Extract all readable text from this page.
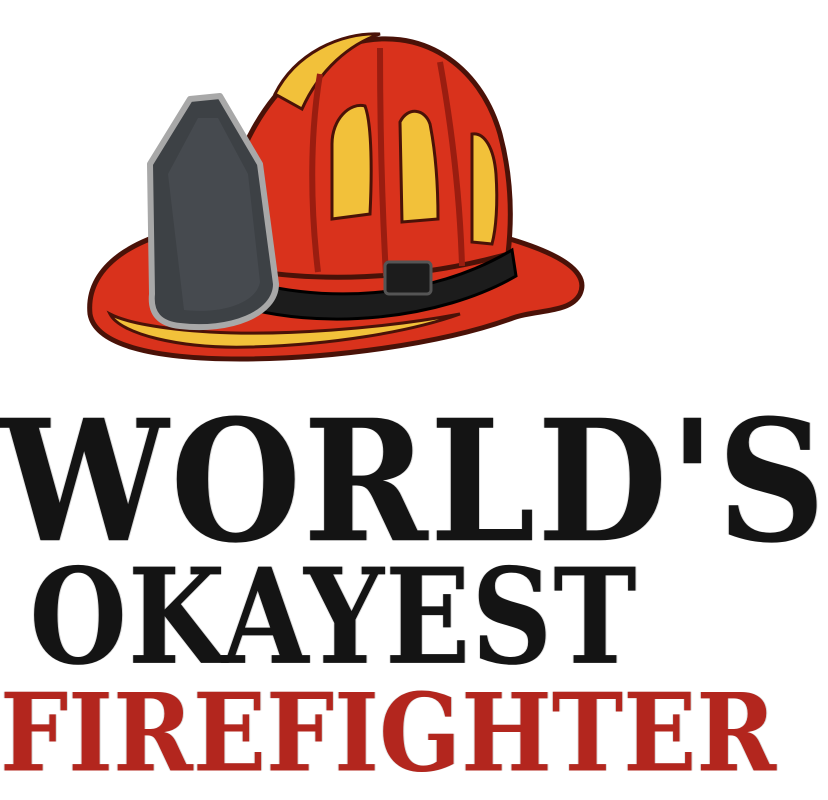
WORLD'S
OKAYEST
FIREFIGHTER
